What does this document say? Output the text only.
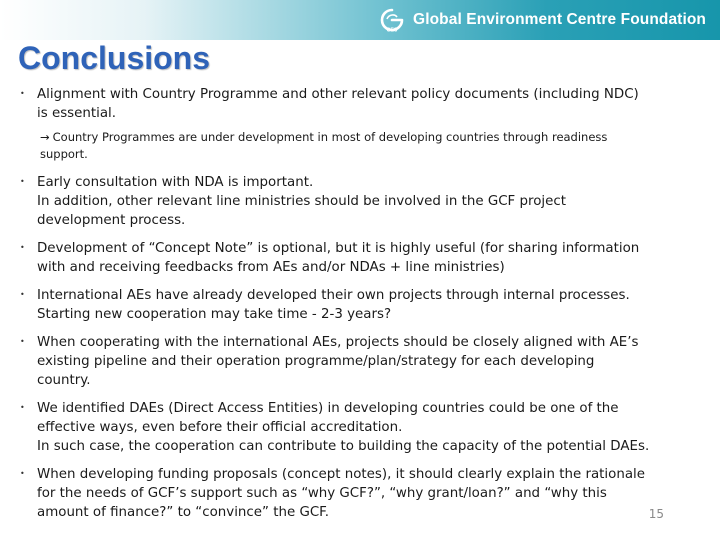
GEC
Global Environment Centre Foundation
Conclusions
• Alignment with Country Programme and other relevant policy documents (including NDC)
is essential.
→ Country Programmes are under development in most of developing countries through readiness
support.
• Early consultation with NDA is important.
In addition, other relevant line ministries should be involved in the GCF project
development process.
• Development of “Concept Note” is optional, but it is highly useful (for sharing information
with and receiving feedbacks from AEs and/or NDAs + line ministries)
• International AEs have already developed their own projects through internal processes.
Starting new cooperation may take time - 2-3 years?
• When cooperating with the international AEs, projects should be closely aligned with AE’s
existing pipeline and their operation programme/plan/strategy for each developing
country.
• We identified DAEs (Direct Access Entities) in developing countries could be one of the
effective ways, even before their official accreditation.
In such case, the cooperation can contribute to building the capacity of the potential DAEs.
• When developing funding proposals (concept notes), it should clearly explain the rationale
for the needs of GCF’s support such as “why GCF?”, “why grant/loan?” and “why this
amount of finance?” to “convince” the GCF.	15
